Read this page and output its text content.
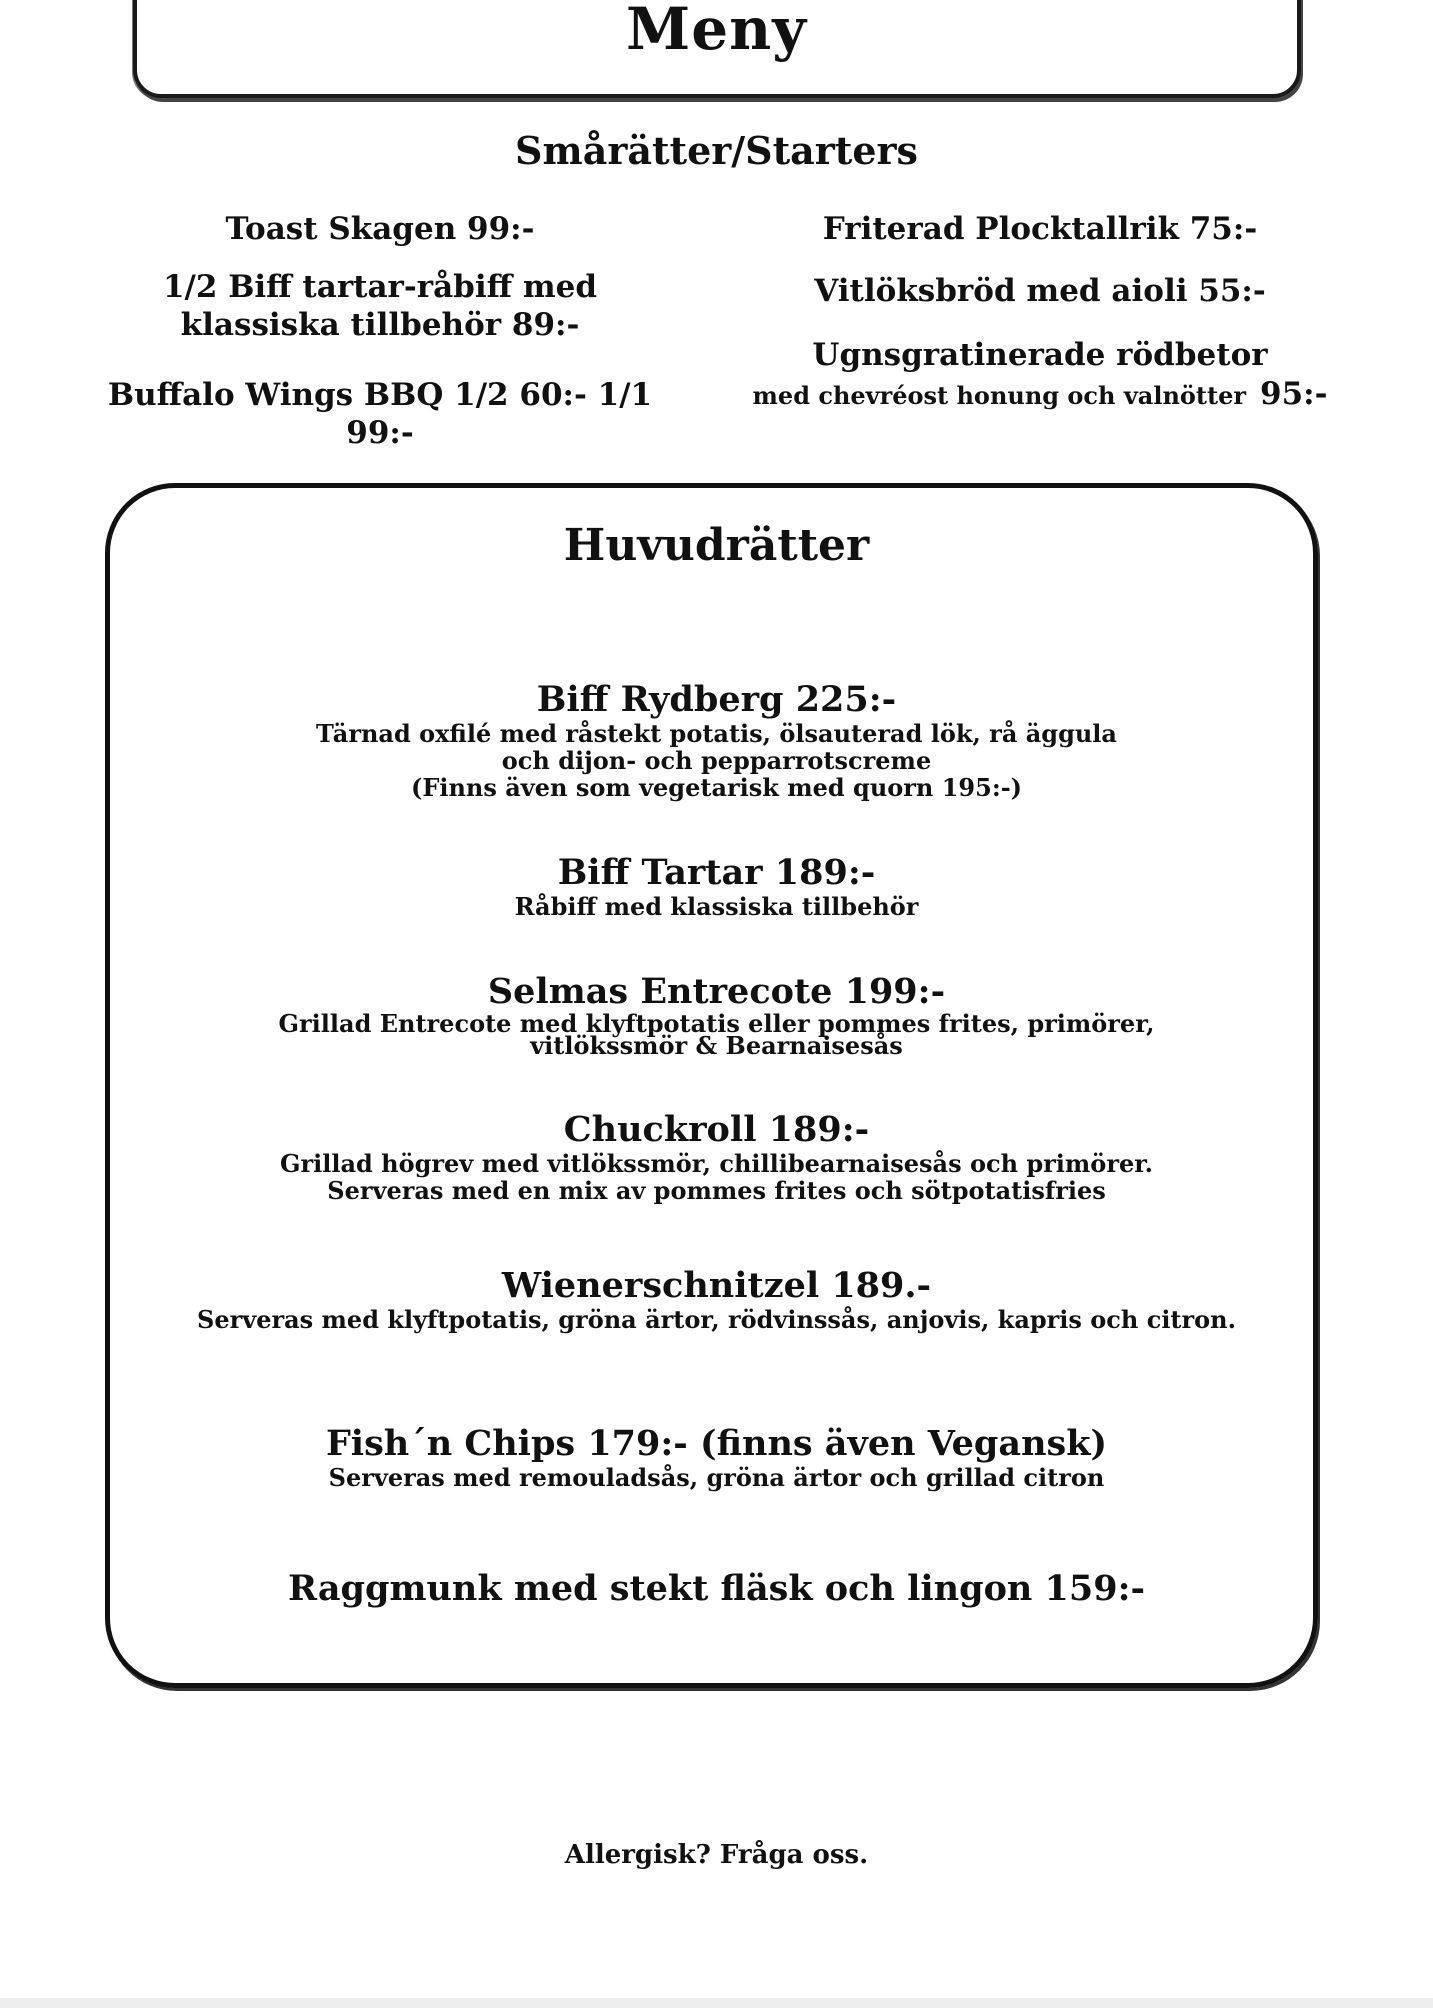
Meny
Smårätter/Starters
Toast Skagen 99:-
1/2 Biff tartar-råbiff med klassiska tillbehör 89:-
Buffalo Wings BBQ 1/2 60:- 1/1 99:-
Friterad Plocktallrik 75:-
Vitlöksbröd med aioli 55:-
Ugnsgratinerade rödbetor
med chevréost honung och valnötter 95:-
Huvudrätter
Biff Rydberg 225:-
Tärnad oxfilé med råstekt potatis, ölsauterad lök, rå äggula
och dijon- och pepparrotscreme
(Finns även som vegetarisk med quorn 195:-)
Biff Tartar 189:-
Råbiff med klassiska tillbehör
Selmas Entrecote 199:-
Grillad Entrecote med klyftpotatis eller pommes frites, primörer,
vitlökssmör & Bearnaisesås
Chuckroll 189:-
Grillad högrev med vitlökssmör, chillibearnaisesås och primörer.
Serveras med en mix av pommes frites och sötpotatisfries
Wienerschnitzel 189.-
Serveras med klyftpotatis, gröna ärtor, rödvinssås, anjovis, kapris och citron.
Fish´n Chips 179:- (finns även Vegansk)
Serveras med remouladsås, gröna ärtor och grillad citron
Raggmunk med stekt fläsk och lingon 159:-
Allergisk? Fråga oss.
